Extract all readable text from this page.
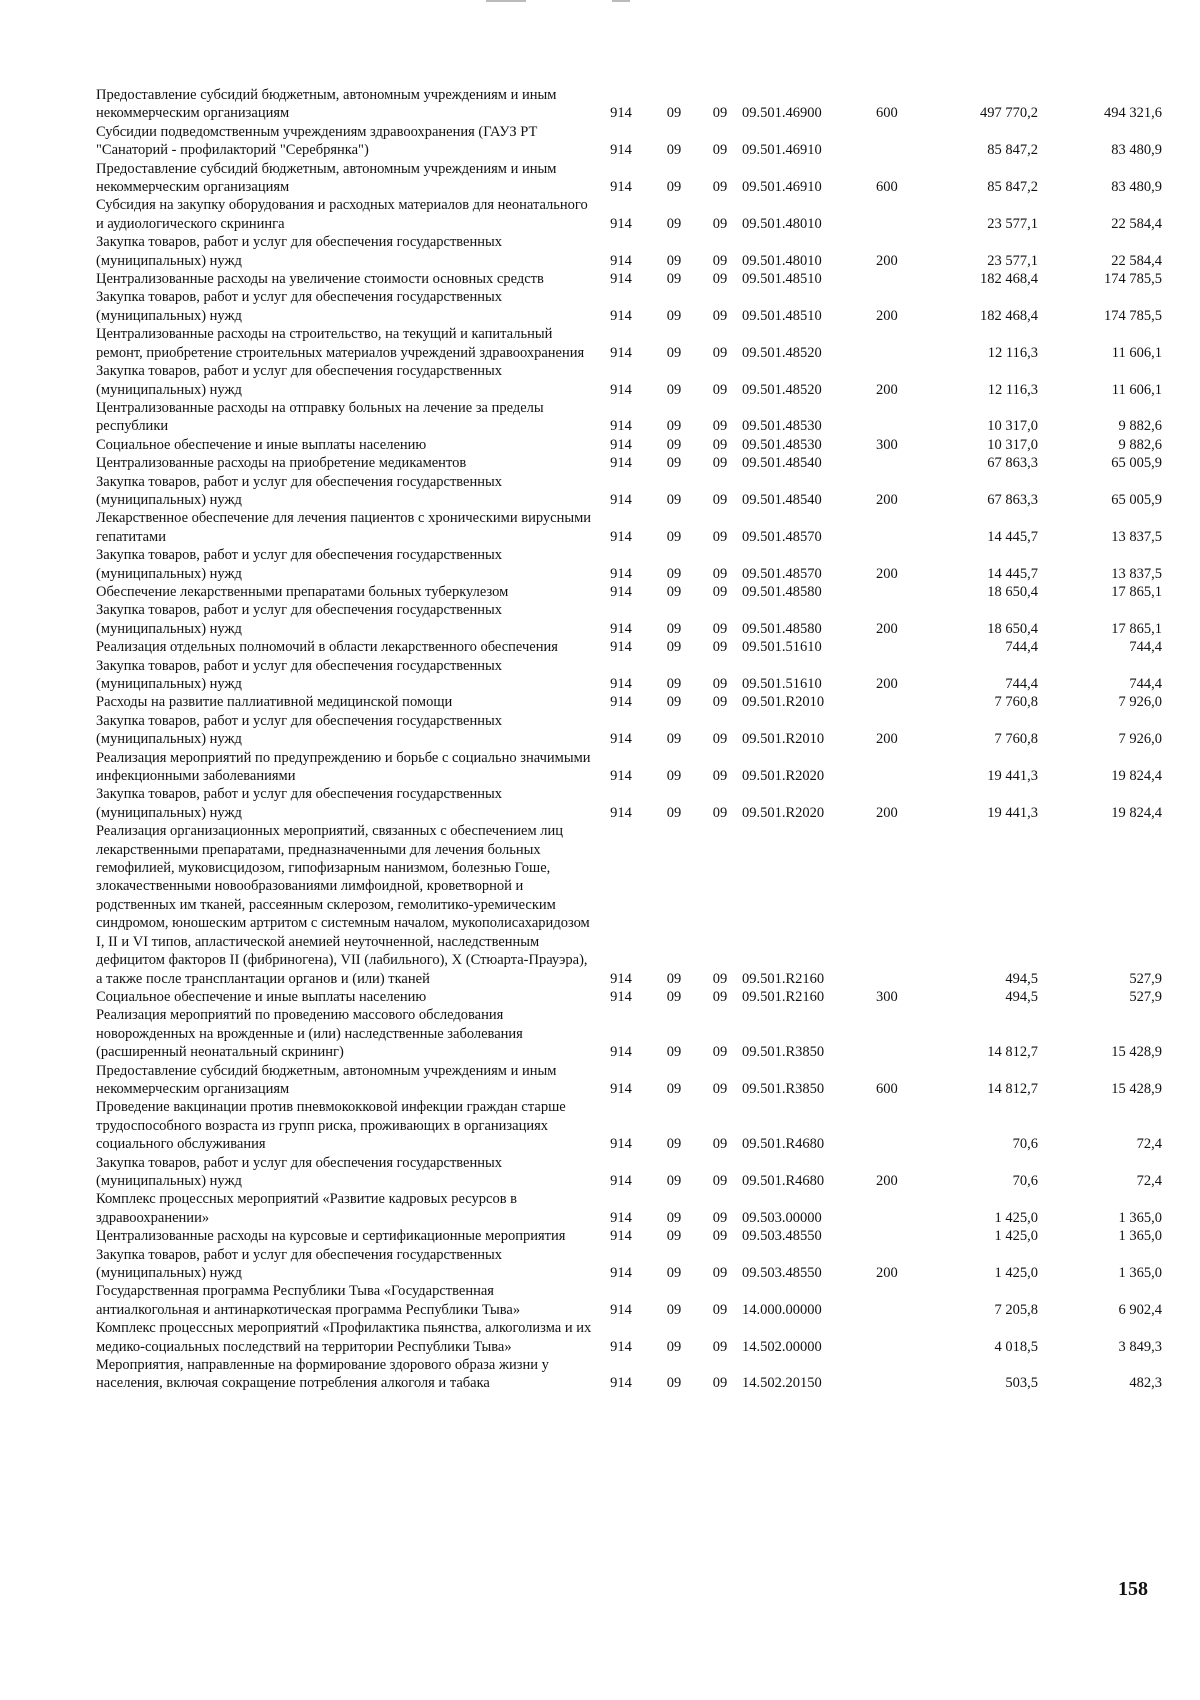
Предоставление субсидий бюджетным, автономным учреждениям и иным некоммерческим организациям	914	09	09	09.501.46900	600	497 770,2	494 321,6
Субсидии подведомственным учреждениям здравоохранения (ГАУЗ РТ "Санаторий - профилакторий "Серебрянка")	914	09	09	09.501.46910		85 847,2	83 480,9
Предоставление субсидий бюджетным, автономным учреждениям и иным некоммерческим организациям	914	09	09	09.501.46910	600	85 847,2	83 480,9
Субсидия на закупку оборудования и расходных материалов для неонатального и аудиологического скрининга	914	09	09	09.501.48010		23 577,1	22 584,4
Закупка товаров, работ и услуг для обеспечения государственных (муниципальных) нужд	914	09	09	09.501.48010	200	23 577,1	22 584,4
Централизованные расходы на увеличение стоимости основных средств	914	09	09	09.501.48510		182 468,4	174 785,5
Закупка товаров, работ и услуг для обеспечения государственных (муниципальных) нужд	914	09	09	09.501.48510	200	182 468,4	174 785,5
Централизованные расходы на строительство, на текущий и капитальный ремонт, приобретение строительных материалов учреждений здравоохранения	914	09	09	09.501.48520		12 116,3	11 606,1
Закупка товаров, работ и услуг для обеспечения государственных (муниципальных) нужд	914	09	09	09.501.48520	200	12 116,3	11 606,1
Централизованные расходы на отправку больных на лечение за пределы республики	914	09	09	09.501.48530		10 317,0	9 882,6
Социальное обеспечение и иные выплаты населению	914	09	09	09.501.48530	300	10 317,0	9 882,6
Централизованные расходы на приобретение медикаментов	914	09	09	09.501.48540		67 863,3	65 005,9
Закупка товаров, работ и услуг для обеспечения государственных (муниципальных) нужд	914	09	09	09.501.48540	200	67 863,3	65 005,9
Лекарственное обеспечение для лечения пациентов с хроническими вирусными гепатитами	914	09	09	09.501.48570		14 445,7	13 837,5
Закупка товаров, работ и услуг для обеспечения государственных (муниципальных) нужд	914	09	09	09.501.48570	200	14 445,7	13 837,5
Обеспечение лекарственными препаратами больных туберкулезом	914	09	09	09.501.48580		18 650,4	17 865,1
Закупка товаров, работ и услуг для обеспечения государственных (муниципальных) нужд	914	09	09	09.501.48580	200	18 650,4	17 865,1
Реализация отдельных полномочий в области лекарственного обеспечения	914	09	09	09.501.51610		744,4	744,4
Закупка товаров, работ и услуг для обеспечения государственных (муниципальных) нужд	914	09	09	09.501.51610	200	744,4	744,4
Расходы на развитие паллиативной медицинской помощи	914	09	09	09.501.R2010		7 760,8	7 926,0
Закупка товаров, работ и услуг для обеспечения государственных (муниципальных) нужд	914	09	09	09.501.R2010	200	7 760,8	7 926,0
Реализация мероприятий по предупреждению и борьбе с социально значимыми инфекционными заболеваниями	914	09	09	09.501.R2020		19 441,3	19 824,4
Закупка товаров, работ и услуг для обеспечения государственных (муниципальных) нужд	914	09	09	09.501.R2020	200	19 441,3	19 824,4
Реализация организационных мероприятий, связанных с обеспечением лиц лекарственными препаратами, предназначенными для лечения больных гемофилией, муковисцидозом, гипофизарным нанизмом, болезнью Гоше, злокачественными новообразованиями лимфоидной, кроветворной и родственных им тканей, рассеянным склерозом, гемолитико-уремическим синдромом, юношеским артритом с системным началом, мукополисахаридозом I, II и VI типов, апластической анемией неуточненной, наследственным дефицитом факторов II (фибриногена), VII (лабильного), X (Стюарта-Прауэра), а также после трансплантации органов и (или) тканей	914	09	09	09.501.R2160		494,5	527,9
Социальное обеспечение и иные выплаты населению	914	09	09	09.501.R2160	300	494,5	527,9
Реализация мероприятий по проведению массового обследования новорожденных на врожденные и (или) наследственные заболевания (расширенный неонатальный скрининг)	914	09	09	09.501.R3850		14 812,7	15 428,9
Предоставление субсидий бюджетным, автономным учреждениям и иным некоммерческим организациям	914	09	09	09.501.R3850	600	14 812,7	15 428,9
Проведение вакцинации против пневмококковой инфекции граждан старше трудоспособного возраста из групп риска, проживающих в организациях социального обслуживания	914	09	09	09.501.R4680		70,6	72,4
Закупка товаров, работ и услуг для обеспечения государственных (муниципальных) нужд	914	09	09	09.501.R4680	200	70,6	72,4
Комплекс процессных мероприятий «Развитие кадровых ресурсов в здравоохранении»	914	09	09	09.503.00000		1 425,0	1 365,0
Централизованные расходы на курсовые и сертификационные мероприятия	914	09	09	09.503.48550		1 425,0	1 365,0
Закупка товаров, работ и услуг для обеспечения государственных (муниципальных) нужд	914	09	09	09.503.48550	200	1 425,0	1 365,0
Государственная программа Республики Тыва «Государственная антиалкогольная и антинаркотическая программа Республики Тыва»	914	09	09	14.000.00000		7 205,8	6 902,4
Комплекс процессных мероприятий «Профилактика пьянства, алкоголизма и их медико-социальных последствий на территории Республики Тыва»	914	09	09	14.502.00000		4 018,5	3 849,3
Мероприятия, направленные на формирование здорового образа жизни у населения, включая сокращение потребления алкоголя и табака	914	09	09	14.502.20150		503,5	482,3
158
